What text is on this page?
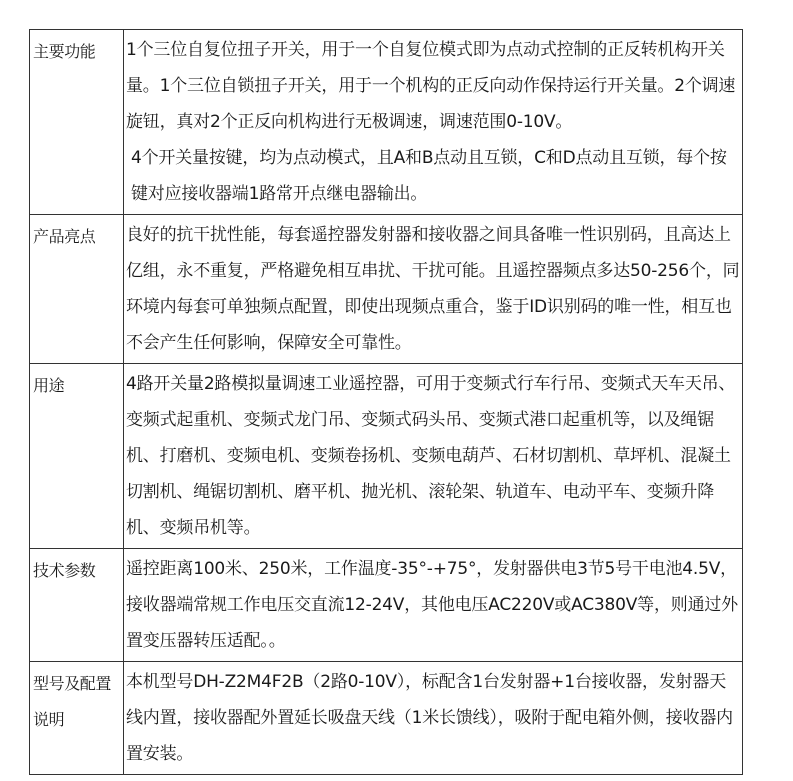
主要功能	1个三位自复位扭子开关，用于一个自复位模式即为点动式控制的正反转机构开关量。1个三位自锁扭子开关，用于一个机构的正反向动作保持运行开关量。2个调速旋钮，真对2个正反向机构进行无极调速，调速范围0-10V。

4个开关量按键，均为点动模式，且A和B点动且互锁，C和D点动且互锁，每个按键对应接收器端1路常开点继电器输出。

产品亮点	良好的抗干扰性能，每套遥控器发射器和接收器之间具备唯一性识别码，且高达上亿组，永不重复，严格避免相互串扰、干扰可能。且遥控器频点多达50-256个，同环境内每套可单独频点配置，即使出现频点重合，鉴于ID识别码的唯一性，相互也不会产生任何影响，保障安全可靠性。

用途	4路开关量2路模拟量调速工业遥控器，可用于变频式行车行吊、变频式天车天吊、变频式起重机、变频式龙门吊、变频式码头吊、变频式港口起重机等，以及绳锯机、打磨机、变频电机、变频卷扬机、变频电葫芦、石材切割机、草坪机、混凝土切割机、绳锯切割机、磨平机、抛光机、滚轮架、轨道车、电动平车、变频升降机、变频吊机等。

技术参数	遥控距离100米、250米，工作温度-35°-+75°，发射器供电3节5号干电池4.5V，接收器端常规工作电压交直流12-24V，其他电压AC220V或AC380V等，则通过外置变压器转压适配。。

型号及配置说明	本机型号DH-Z2M4F2B（2路0-10V），标配含1台发射器+1台接收器，发射器天线内置，接收器配外置延长吸盘天线（1米长馈线），吸附于配电箱外侧，接收器内置安装。
